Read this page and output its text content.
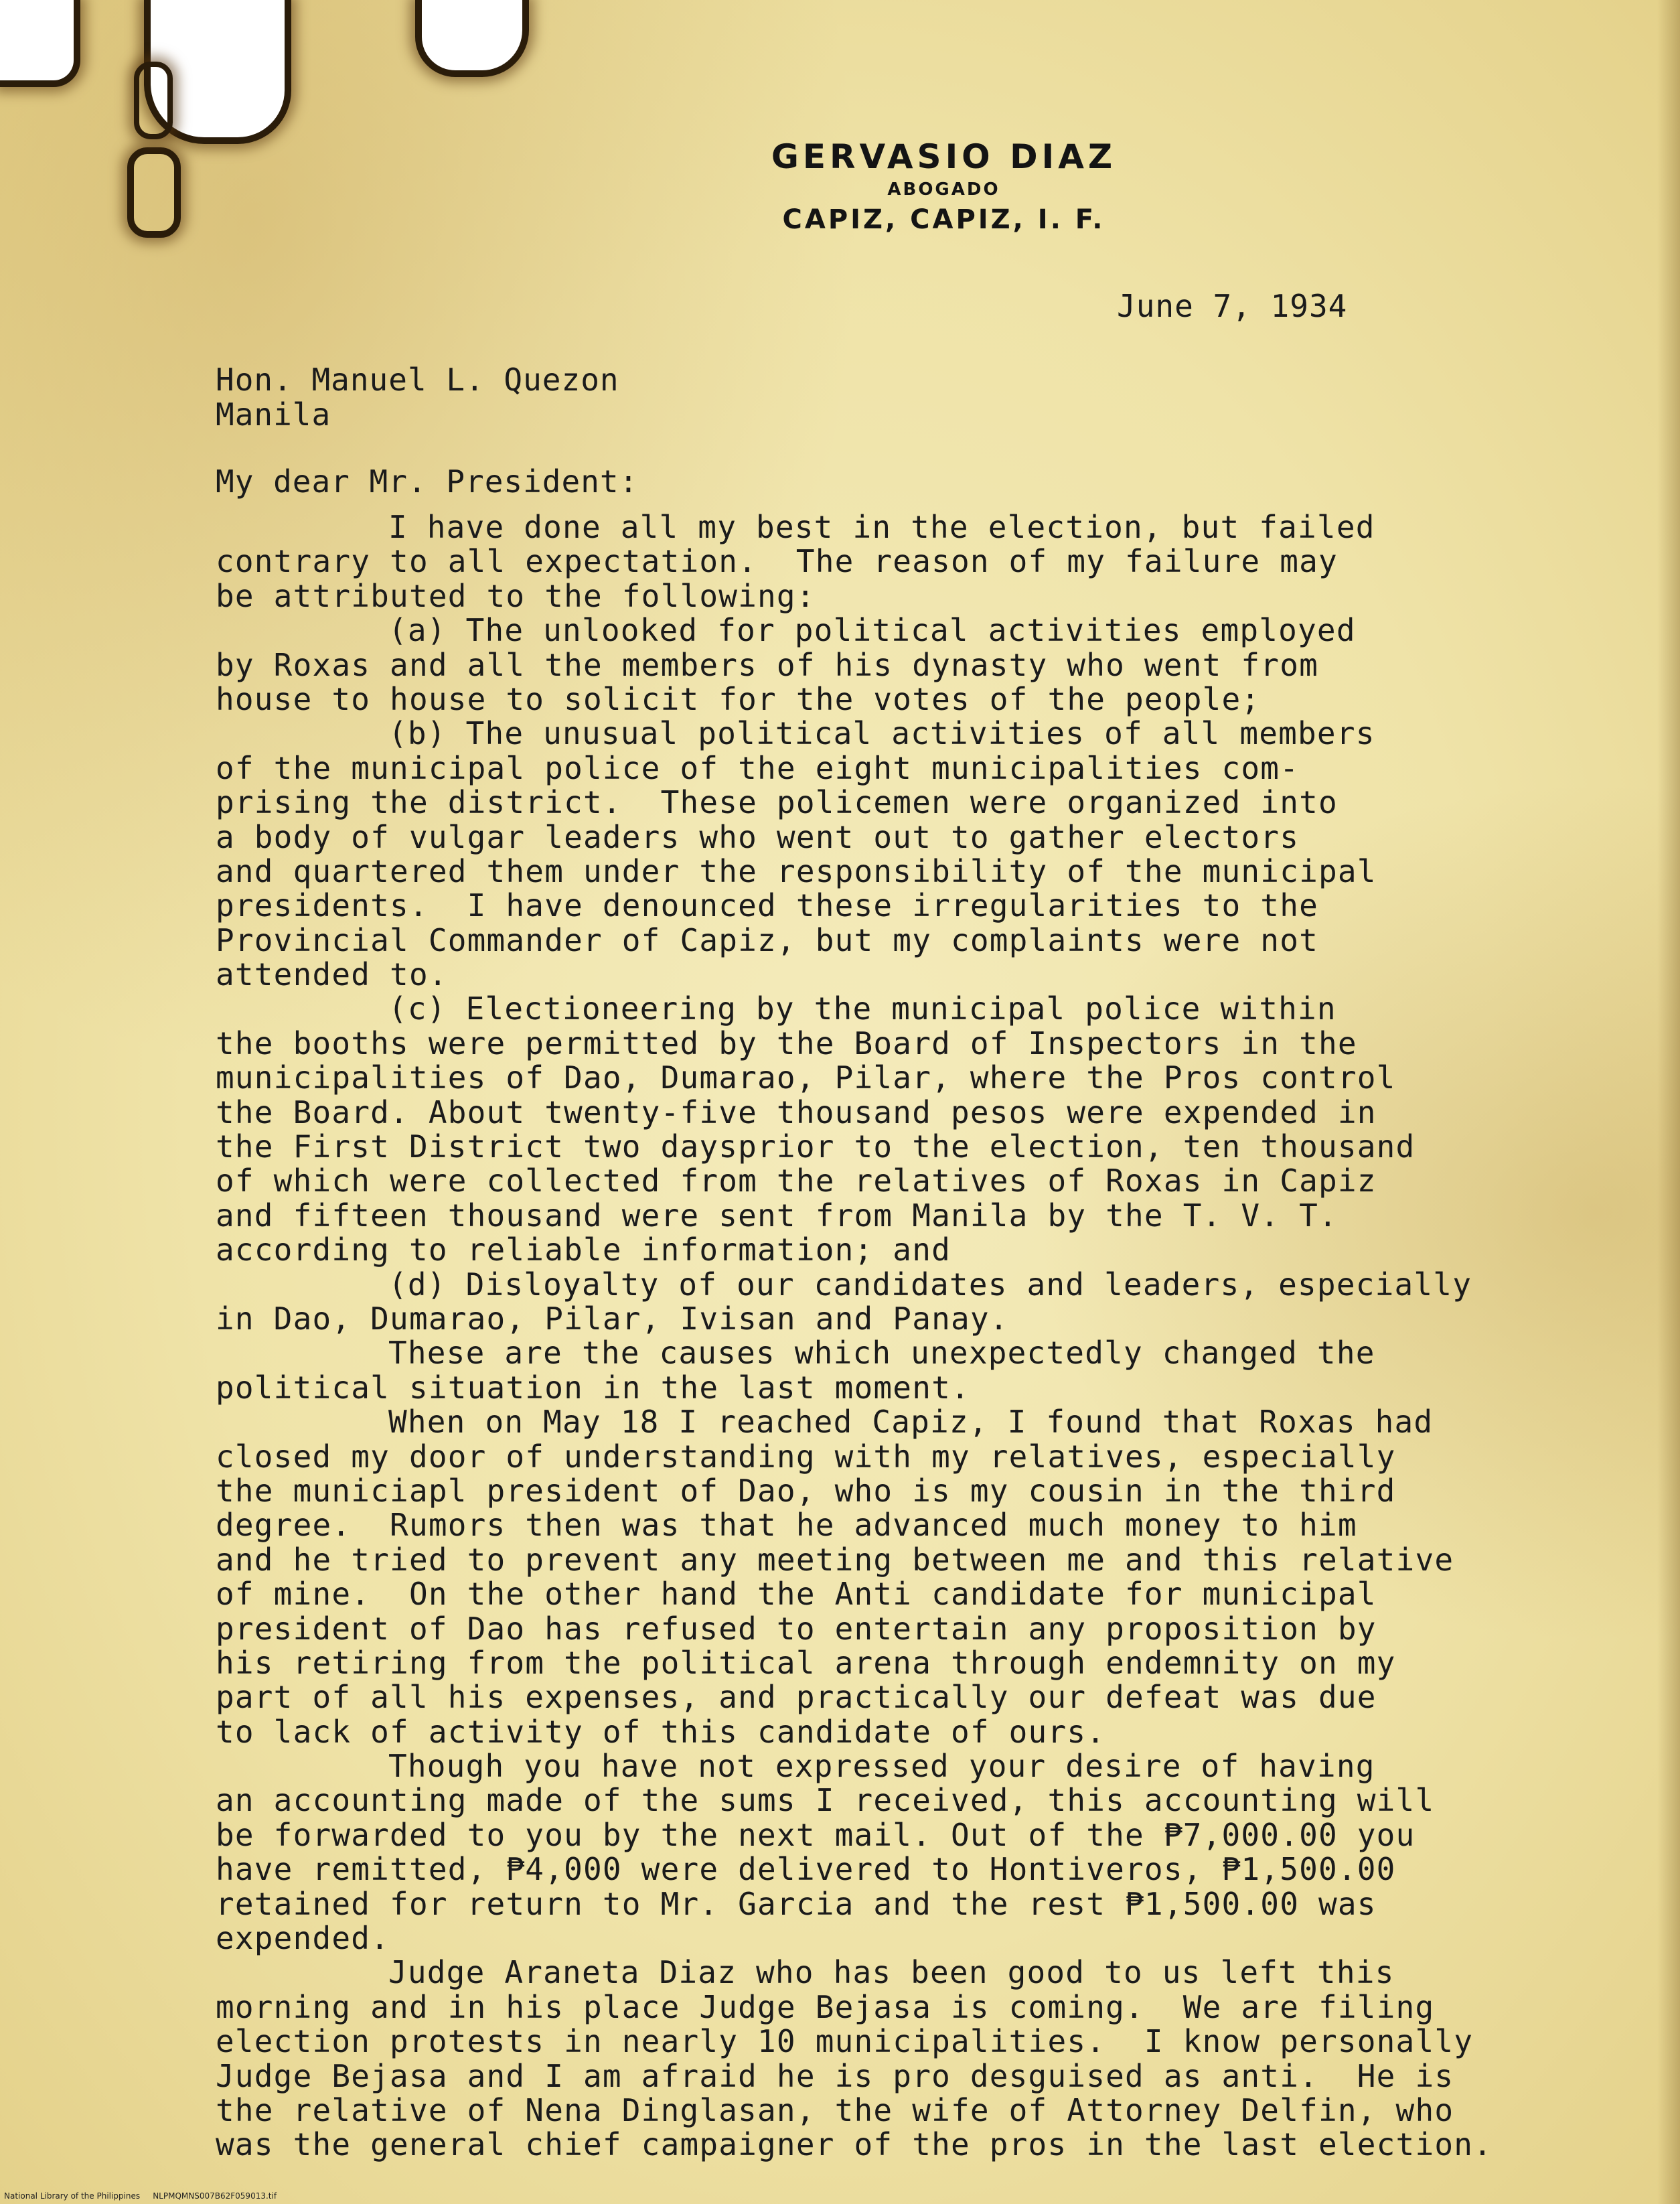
GERVASIO DIAZ
ABOGADO
CAPIZ, CAPIZ, I. F.
June 7, 1934
Hon. Manuel L. Quezon
Manila
My dear Mr. President:
I have done all my best in the election, but failed
contrary to all expectation.  The reason of my failure may
be attributed to the following:
(a) The unlooked for political activities employed
by Roxas and all the members of his dynasty who went from
house to house to solicit for the votes of the people;
(b) The unusual political activities of all members
of the municipal police of the eight municipalities com-
prising the district.  These policemen were organized into
a body of vulgar leaders who went out to gather electors
and quartered them under the responsibility of the municipal
presidents.  I have denounced these irregularities to the
Provincial Commander of Capiz, but my complaints were not
attended to.
(c) Electioneering by the municipal police within
the booths were permitted by the Board of Inspectors in the
municipalities of Dao, Dumarao, Pilar, where the Pros control
the Board. About twenty-five thousand pesos were expended in
the First District two daysprior to the election, ten thousand
of which were collected from the relatives of Roxas in Capiz
and fifteen thousand were sent from Manila by the T. V. T.
according to reliable information; and
(d) Disloyalty of our candidates and leaders, especially
in Dao, Dumarao, Pilar, Ivisan and Panay.
These are the causes which unexpectedly changed the
political situation in the last moment.
When on May 18 I reached Capiz, I found that Roxas had
closed my door of understanding with my relatives, especially
the municiapl president of Dao, who is my cousin in the third
degree.  Rumors then was that he advanced much money to him
and he tried to prevent any meeting between me and this relative
of mine.  On the other hand the Anti candidate for municipal
president of Dao has refused to entertain any proposition by
his retiring from the political arena through endemnity on my
part of all his expenses, and practically our defeat was due
to lack of activity of this candidate of ours.
Though you have not expressed your desire of having
an accounting made of the sums I received, this accounting will
be forwarded to you by the next mail. Out of the ₱7,000.00 you
have remitted, ₱4,000 were delivered to Hontiveros, ₱1,500.00
retained for return to Mr. Garcia and the rest ₱1,500.00 was
expended.
Judge Araneta Diaz who has been good to us left this
morning and in his place Judge Bejasa is coming.  We are filing
election protests in nearly 10 municipalities.  I know personally
Judge Bejasa and I am afraid he is pro desguised as anti.  He is
the relative of Nena Dinglasan, the wife of Attorney Delfin, who
was the general chief campaigner of the pros in the last election.
National Library of the Philippines     NLPMQMNS007B62F059013.tif
